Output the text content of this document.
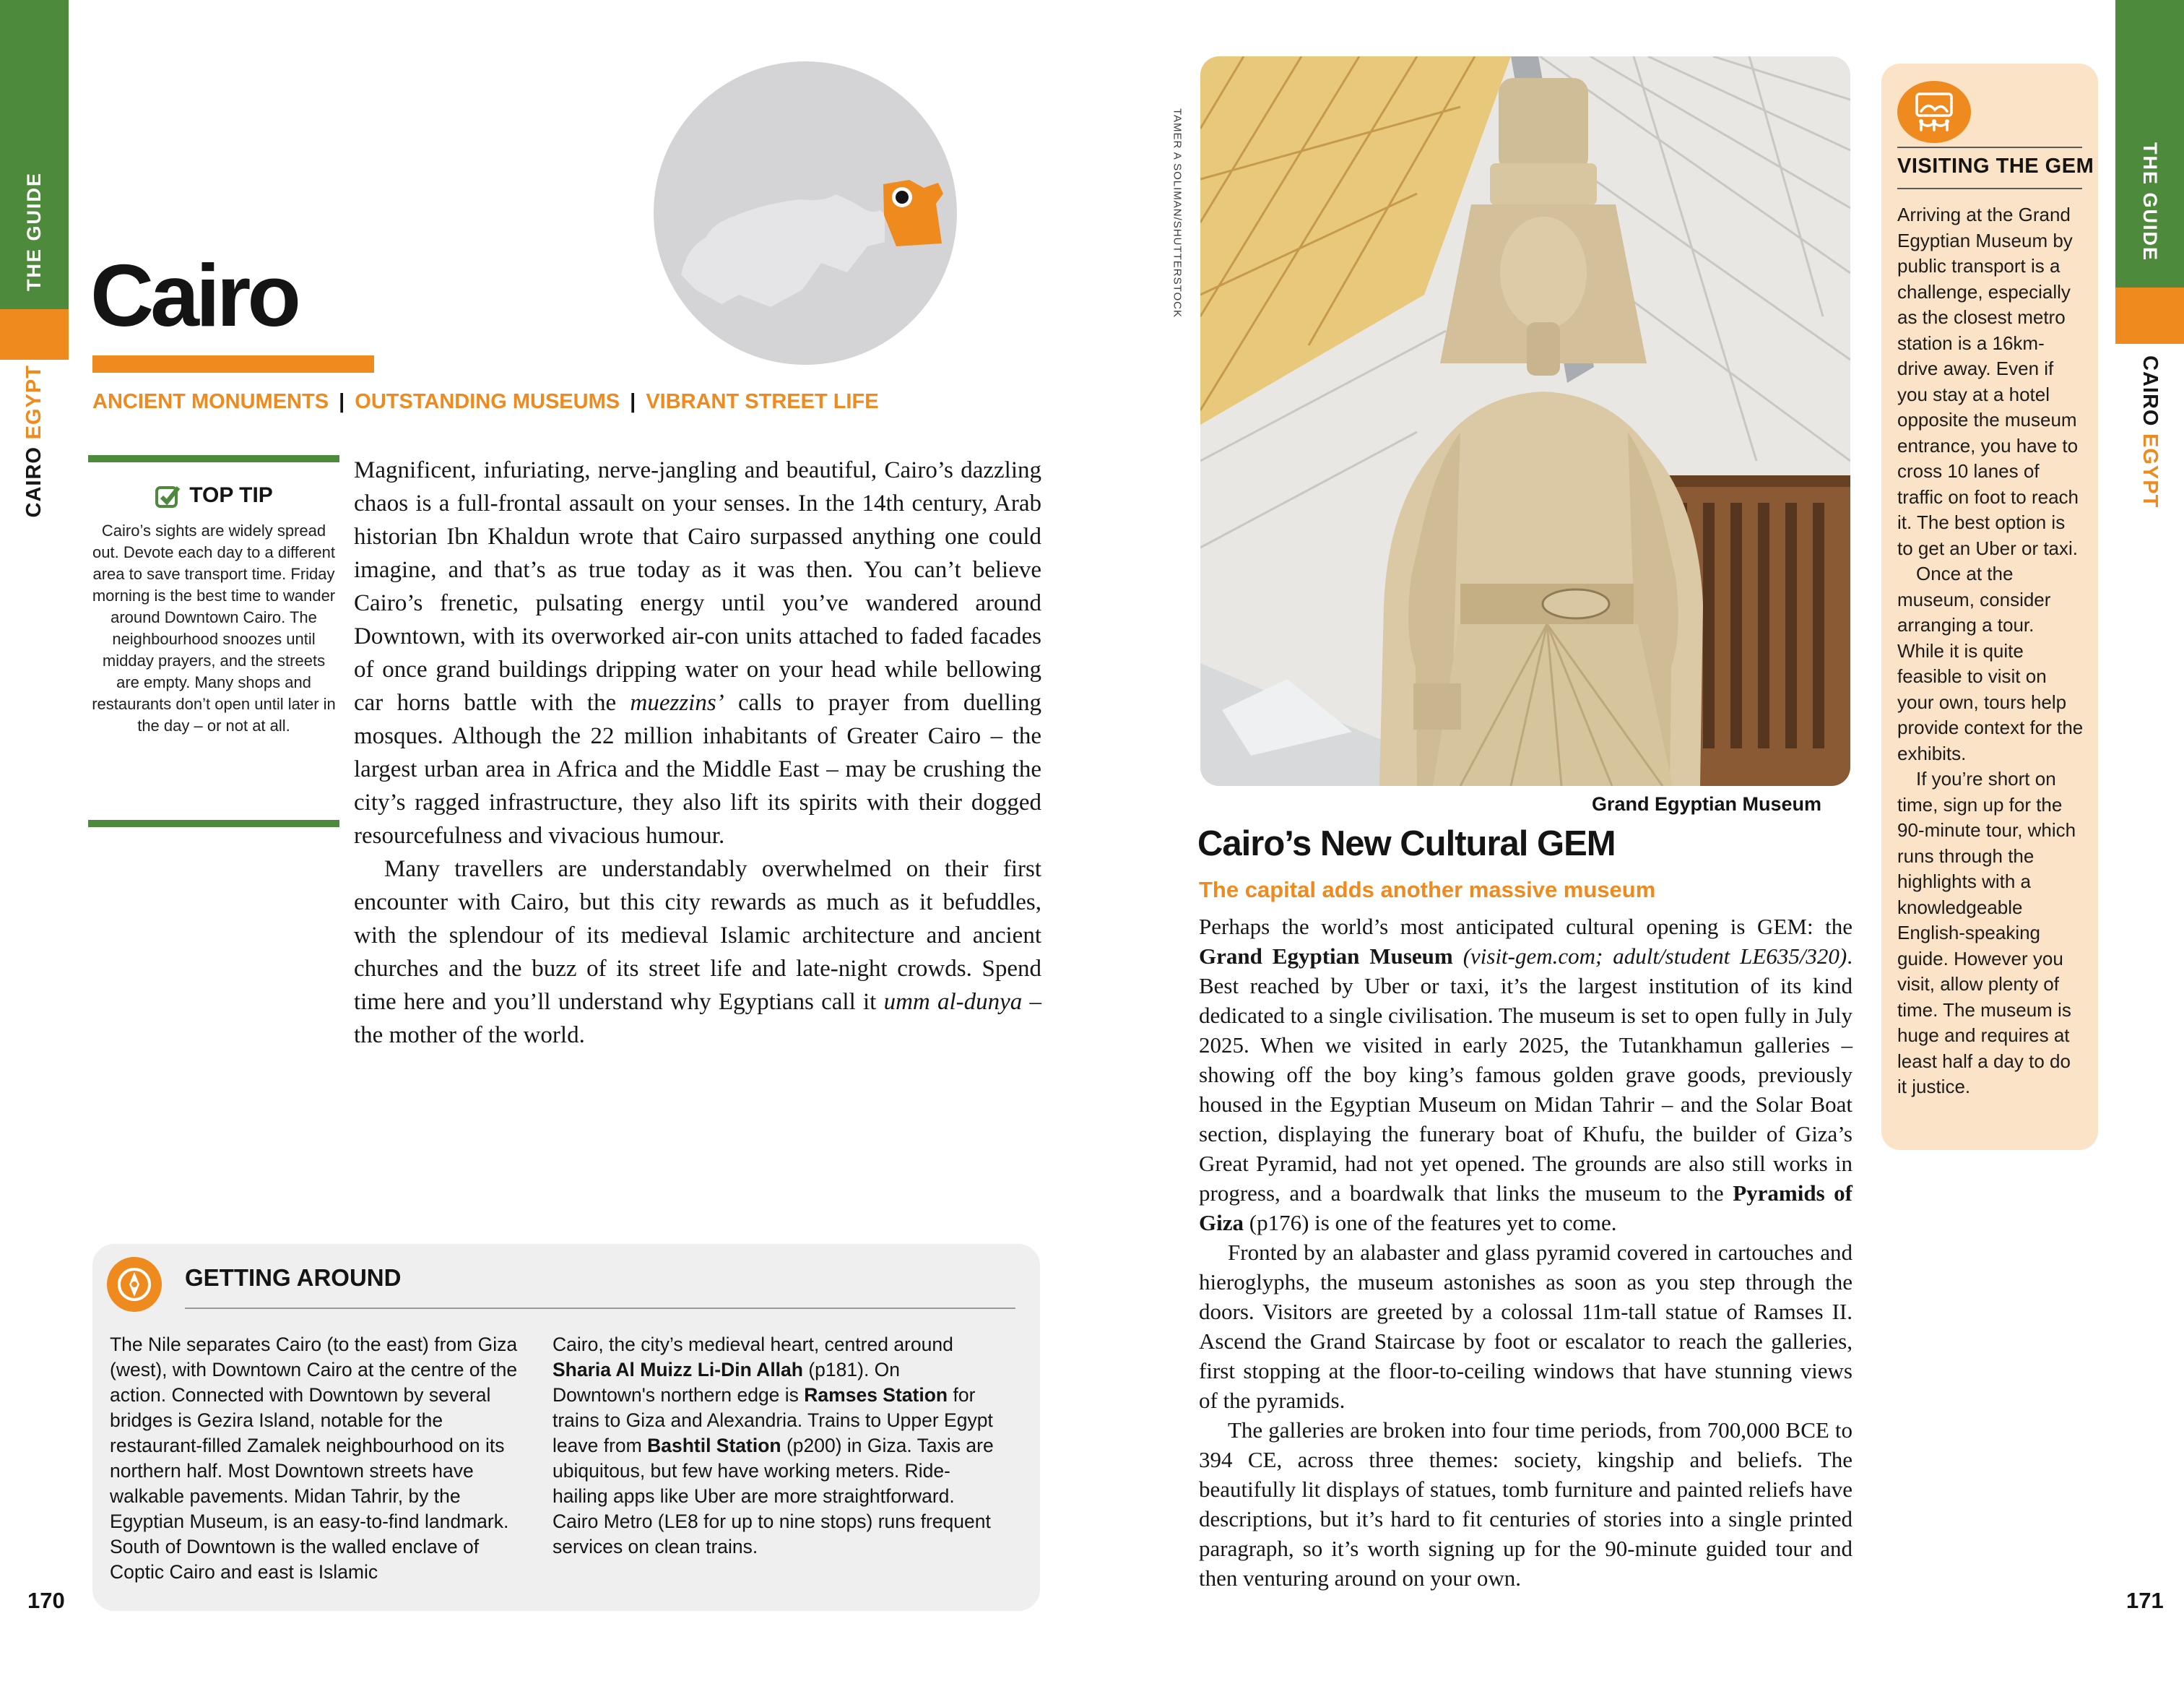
THE GUIDE
EGYPT
CAIRO
Cairo
ANCIENT MONUMENTS | OUTSTANDING MUSEUMS | VIBRANT STREET LIFE
TOP TIP
Cairo’s sights are widely spread out. Devote each day to a different area to save transport time. Friday morning is the best time to wander around Downtown Cairo. The neighbourhood snoozes until midday prayers, and the streets are empty. Many shops and restaurants don’t open until later in the day – or not at all.

Magnificent, infuriating, nerve-jangling and beautiful, Cairo’s dazzling chaos is a full-frontal assault on your senses. In the 14th century, Arab historian Ibn Khaldun wrote that Cairo surpassed anything one could imagine, and that’s as true today as it was then. You can’t believe Cairo’s frenetic, pulsating energy until you’ve wandered around Downtown, with its overworked air-con units attached to faded facades of once grand buildings dripping water on your head while bellowing car horns battle with the muezzins’ calls to prayer from duelling mosques. Although the 22 million inhabitants of Greater Cairo – the largest urban area in Africa and the Middle East – may be crushing the city’s ragged infrastructure, they also lift its spirits with their dogged resourcefulness and vivacious humour.

Many travellers are understandably overwhelmed on their first encounter with Cairo, but this city rewards as much as it befuddles, with the splendour of its medieval Islamic architecture and ancient churches and the buzz of its street life and late-night crowds. Spend time here and you’ll understand why Egyptians call it umm al-dunya – the mother of the world.

GETTING AROUND
The Nile separates Cairo (to the east) from Giza (west), with Downtown Cairo at the centre of the action. Connected with Downtown by several bridges is Gezira Island, notable for the restaurant-filled Zamalek neighbourhood on its northern half. Most Downtown streets have walkable pavements. Midan Tahrir, by the Egyptian Museum, is an easy-to-find landmark. South of Downtown is the walled enclave of Coptic Cairo and east is Islamic
Cairo, the city’s medieval heart, centred around Sharia Al Muizz Li-Din Allah (p181). On Downtown's northern edge is Ramses Station for trains to Giza and Alexandria. Trains to Upper Egypt leave from Bashtil Station (p200) in Giza. Taxis are ubiquitous, but few have working meters. Ride-hailing apps like Uber are more straightforward. Cairo Metro (LE8 for up to nine stops) runs frequent services on clean trains.
170
TAMER A SOLIMAN/SHUTTERSTOCK
Grand Egyptian Museum
Cairo’s New Cultural GEM
The capital adds another massive museum

Perhaps the world’s most anticipated cultural opening is GEM: the Grand Egyptian Museum (visit-gem.com; adult/student LE635/320). Best reached by Uber or taxi, it’s the largest institution of its kind dedicated to a single civilisation. The museum is set to open fully in July 2025. When we visited in early 2025, the Tutankhamun galleries – showing off the boy king’s famous golden grave goods, previously housed in the Egyptian Museum on Midan Tahrir – and the Solar Boat section, displaying the funerary boat of Khufu, the builder of Giza’s Great Pyramid, had not yet opened. The grounds are also still works in progress, and a boardwalk that links the museum to the Pyramids of Giza (p176) is one of the features yet to come.

Fronted by an alabaster and glass pyramid covered in cartouches and hieroglyphs, the museum astonishes as soon as you step through the doors. Visitors are greeted by a colossal 11m-tall statue of Ramses II. Ascend the Grand Staircase by foot or escalator to reach the galleries, first stopping at the floor-to-ceiling windows that have stunning views of the pyramids.

The galleries are broken into four time periods, from 700,000 BCE to 394 CE, across three themes: society, kingship and beliefs. The beautifully lit displays of statues, tomb furniture and painted reliefs have descriptions, but it’s hard to fit centuries of stories into a single printed paragraph, so it’s worth signing up for the 90-minute guided tour and then venturing around on your own.

VISITING THE GEM

Arriving at the Grand Egyptian Museum by public transport is a challenge, especially as the closest metro station is a 16km-drive away. Even if you stay at a hotel opposite the museum entrance, you have to cross 10 lanes of traffic on foot to reach it. The best option is to get an Uber or taxi.

Once at the museum, consider arranging a tour. While it is quite feasible to visit on your own, tours help provide context for the exhibits.

If you’re short on time, sign up for the 90-minute tour, which runs through the highlights with a knowledgeable English-speaking guide. However you visit, allow plenty of time. The museum is huge and requires at least half a day to do it justice.

THE GUIDE
CAIRO
EGYPT
171
